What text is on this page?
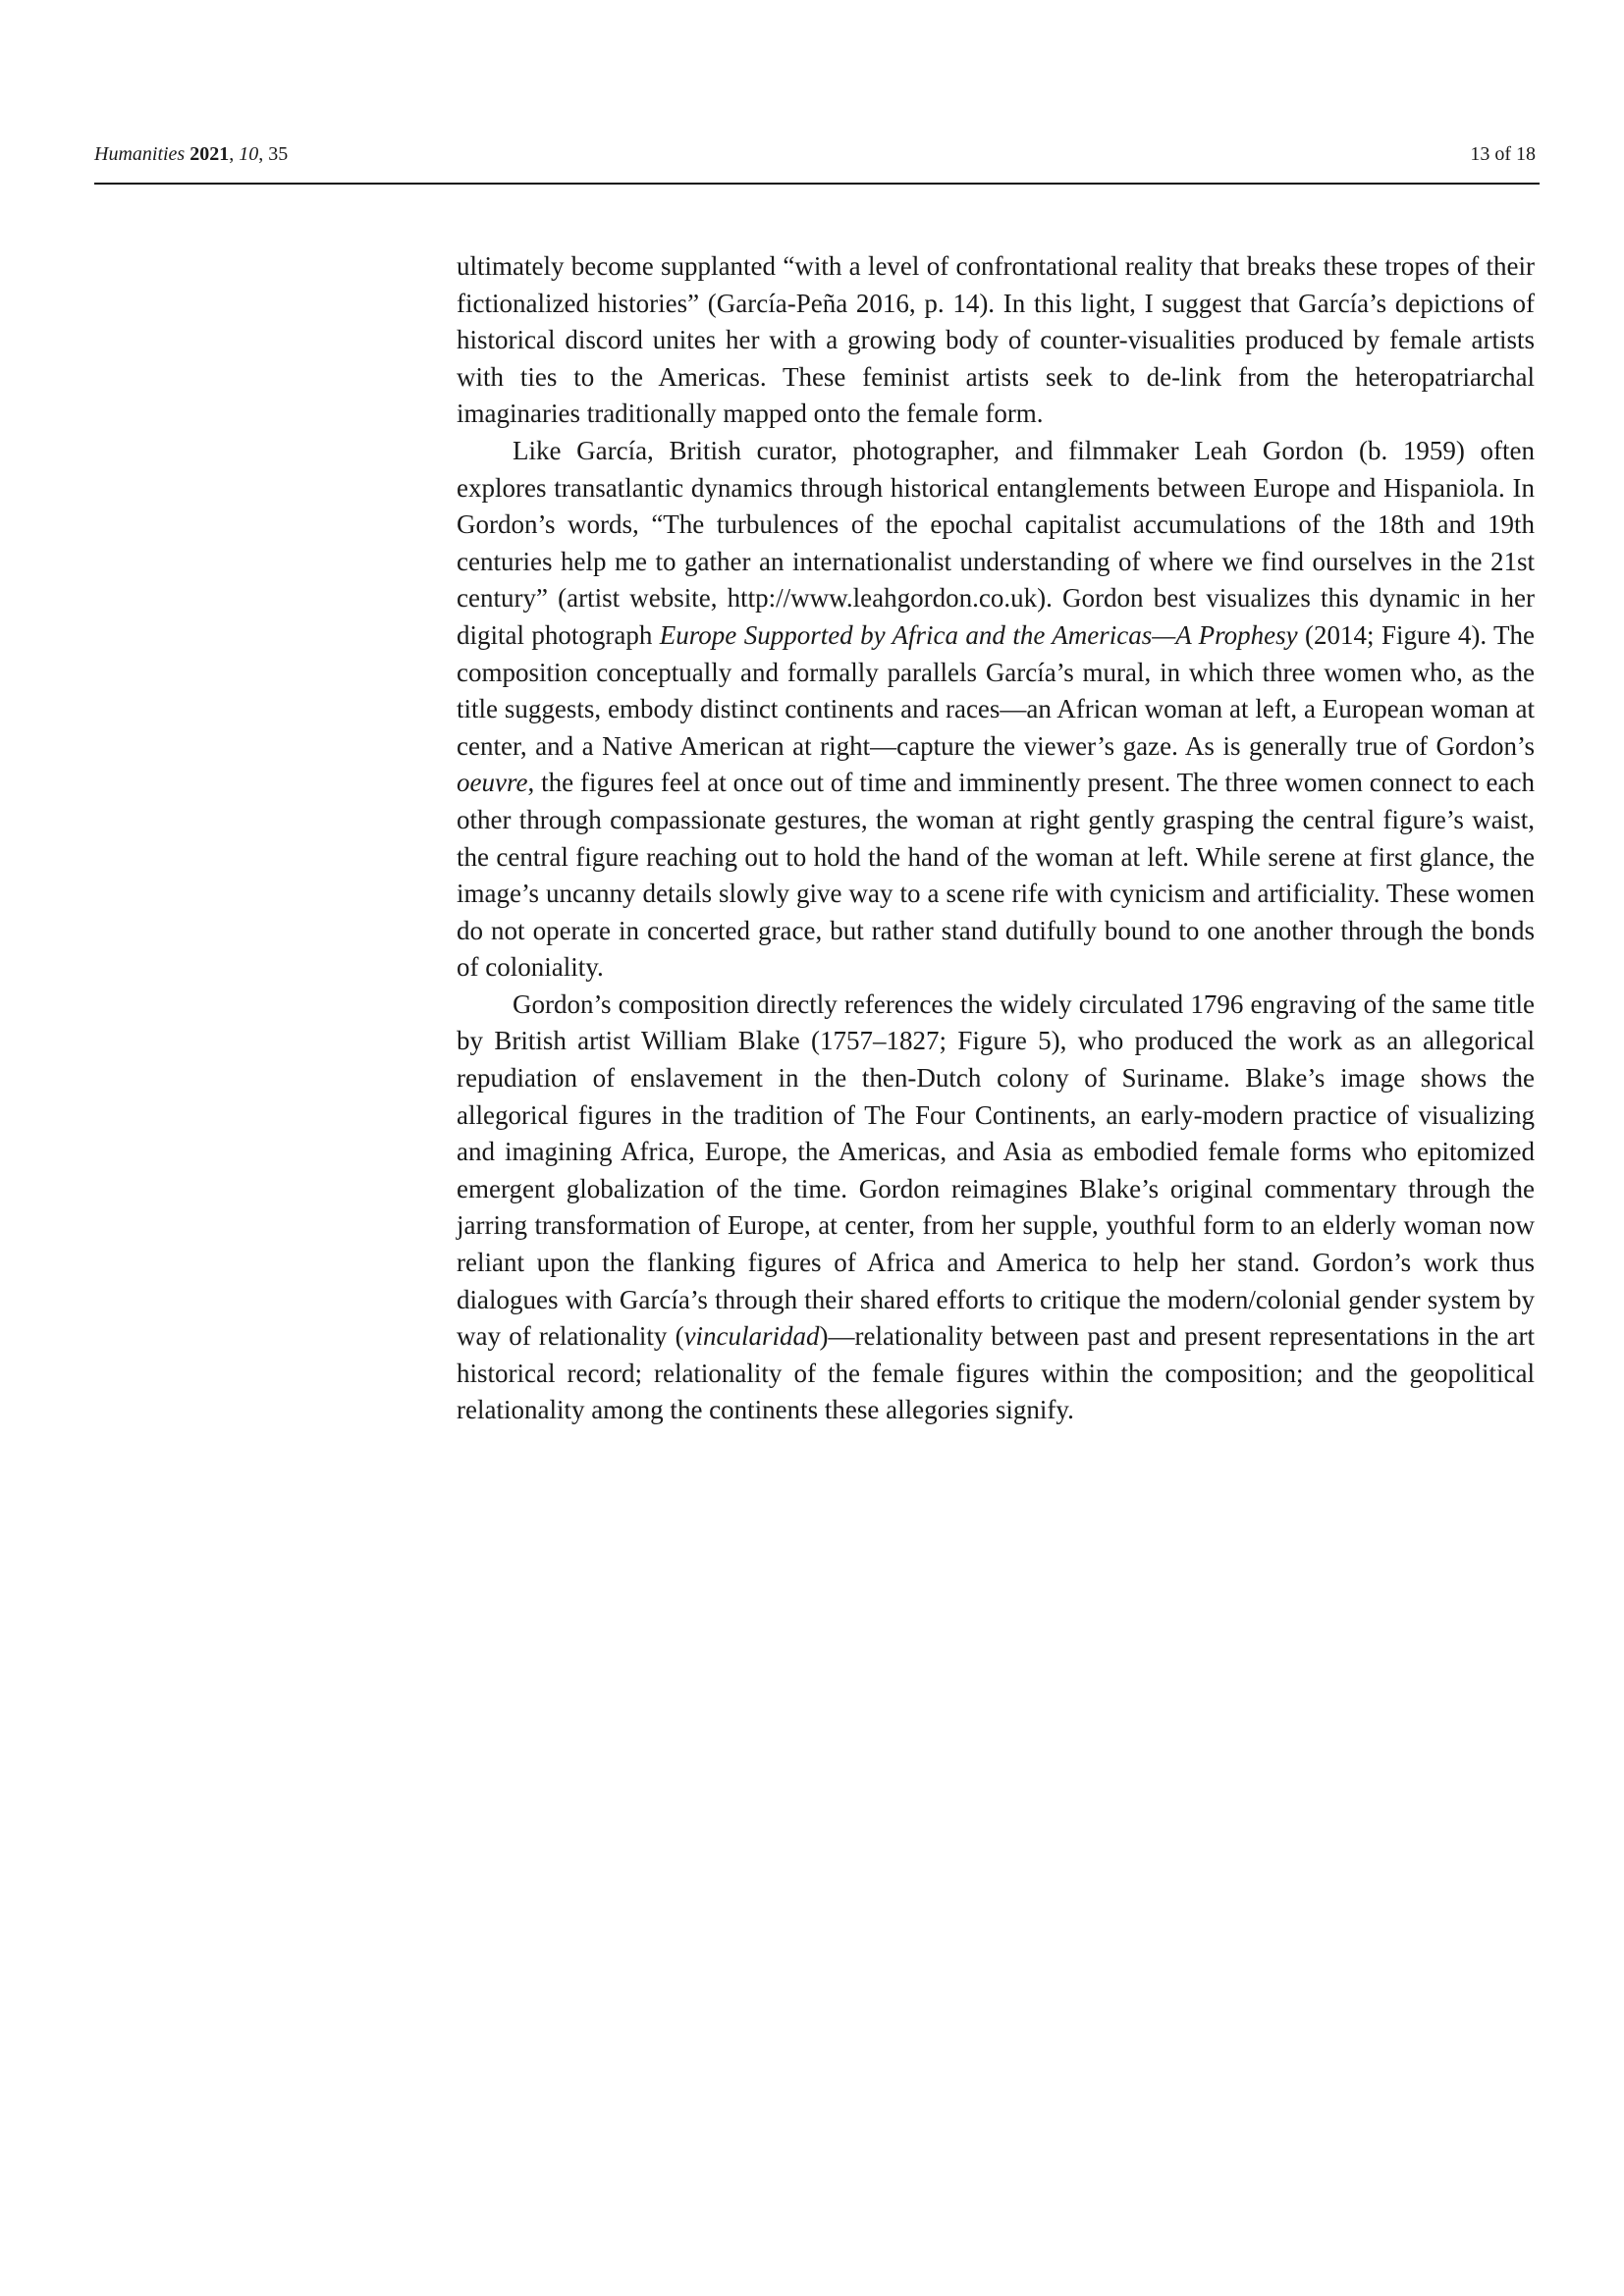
Humanities 2021, 10, 35	13 of 18

ultimately become supplanted “with a level of confrontational reality that breaks these tropes of their fictionalized histories” (García-Peña 2016, p. 14). In this light, I suggest that García’s depictions of historical discord unites her with a growing body of counter-visualities produced by female artists with ties to the Americas. These feminist artists seek to de-link from the heteropatriarchal imaginaries traditionally mapped onto the female form.

Like García, British curator, photographer, and filmmaker Leah Gordon (b. 1959) often explores transatlantic dynamics through historical entanglements between Europe and Hispaniola. In Gordon’s words, “The turbulences of the epochal capitalist accumulations of the 18th and 19th centuries help me to gather an internationalist understanding of where we find ourselves in the 21st century” (artist website, http://www.leahgordon.co.uk). Gordon best visualizes this dynamic in her digital photograph Europe Supported by Africa and the Americas—A Prophesy (2014; Figure 4). The composition conceptually and formally parallels García’s mural, in which three women who, as the title suggests, embody distinct continents and races—an African woman at left, a European woman at center, and a Native American at right—capture the viewer’s gaze. As is generally true of Gordon’s oeuvre, the figures feel at once out of time and imminently present. The three women connect to each other through compassionate gestures, the woman at right gently grasping the central figure’s waist, the central figure reaching out to hold the hand of the woman at left. While serene at first glance, the image’s uncanny details slowly give way to a scene rife with cynicism and artificiality. These women do not operate in concerted grace, but rather stand dutifully bound to one another through the bonds of coloniality.

Gordon’s composition directly references the widely circulated 1796 engraving of the same title by British artist William Blake (1757–1827; Figure 5), who produced the work as an allegorical repudiation of enslavement in the then-Dutch colony of Suriname. Blake’s image shows the allegorical figures in the tradition of The Four Continents, an early-modern practice of visualizing and imagining Africa, Europe, the Americas, and Asia as embodied female forms who epitomized emergent globalization of the time. Gordon reimagines Blake’s original commentary through the jarring transformation of Europe, at center, from her supple, youthful form to an elderly woman now reliant upon the flanking figures of Africa and America to help her stand. Gordon’s work thus dialogues with García’s through their shared efforts to critique the modern/colonial gender system by way of relationality (vincularidad)—relationality between past and present representations in the art historical record; relationality of the female figures within the composition; and the geopolitical relationality among the continents these allegories signify.
